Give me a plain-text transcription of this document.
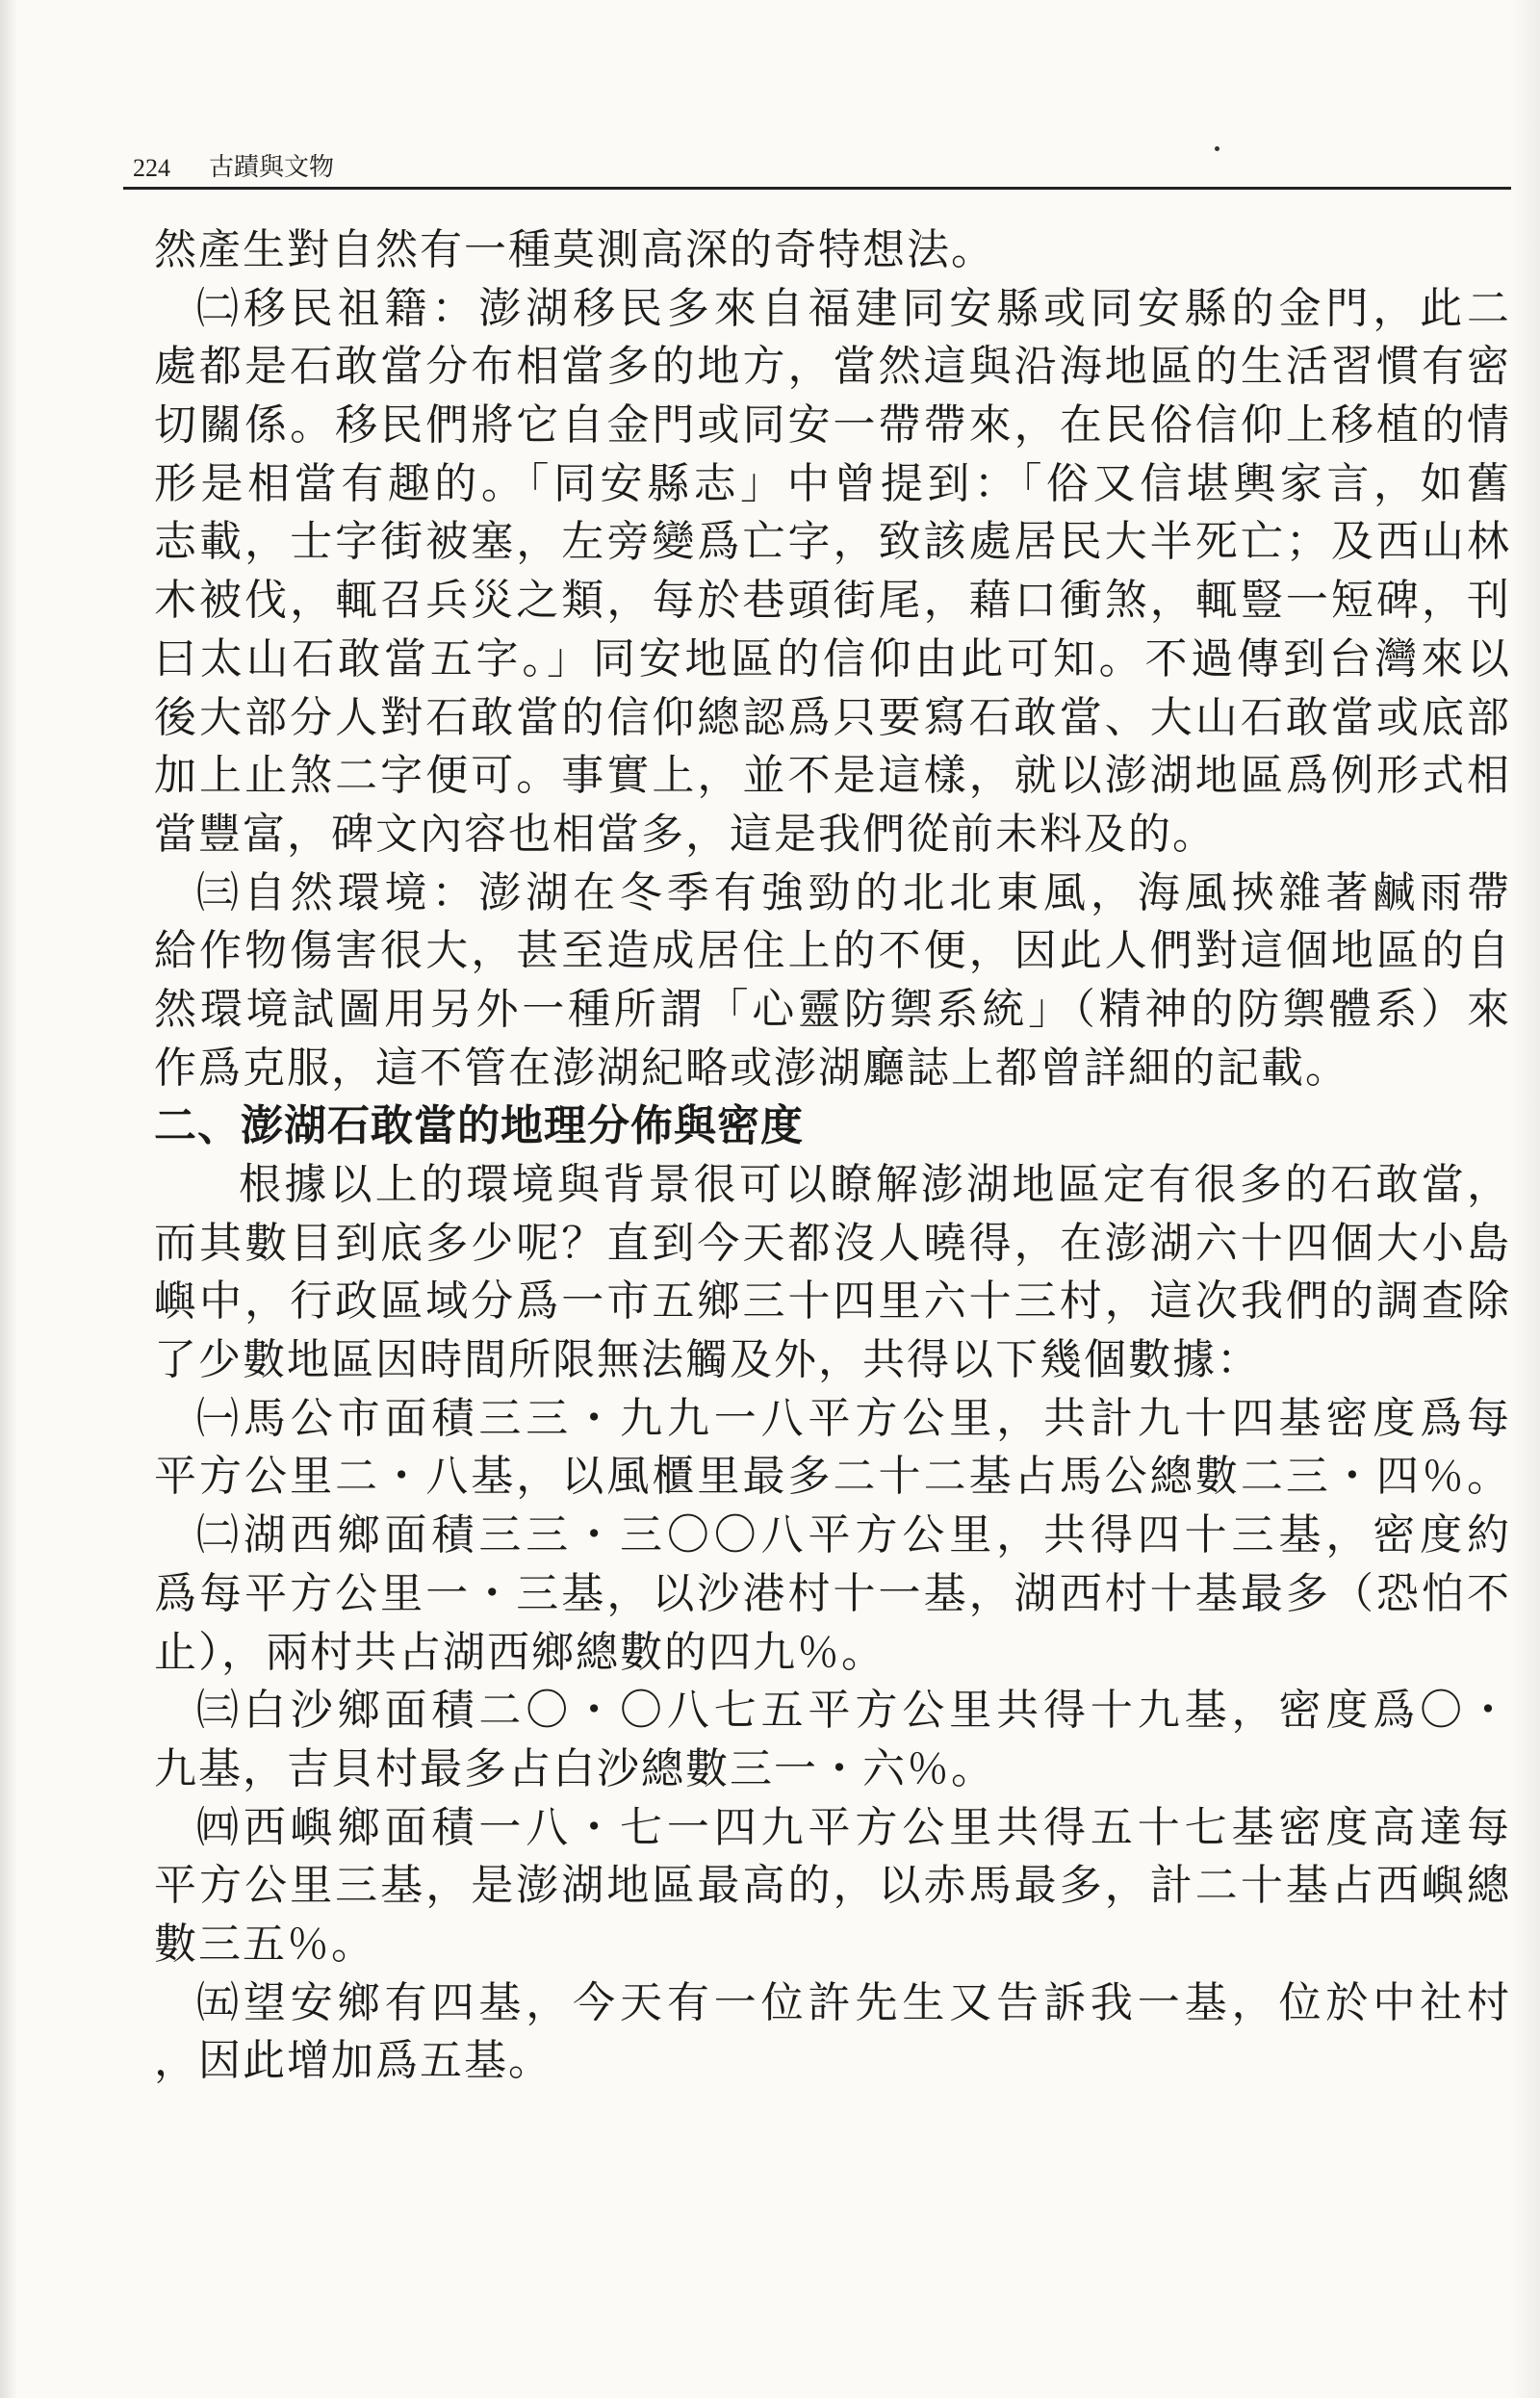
224 古蹟與文物
然產生對自然有一種莫測高深的奇特想法。
㈡移民祖籍：澎湖移民多來自福建同安縣或同安縣的金門，此二
處都是石敢當分布相當多的地方，當然這與沿海地區的生活習慣有密
切關係。移民們將它自金門或同安一帶帶來，在民俗信仰上移植的情
形是相當有趣的。「同安縣志」中曾提到：「俗又信堪輿家言，如舊
志載，士字街被塞，左旁變爲亡字，致該處居民大半死亡；及西山林
木被伐，輒召兵災之類，每於巷頭街尾，藉口衝煞，輒豎一短碑，刊
曰太山石敢當五字。」同安地區的信仰由此可知。不過傳到台灣來以
後大部分人對石敢當的信仰總認爲只要寫石敢當、大山石敢當或底部
加上止煞二字便可。事實上，並不是這樣，就以澎湖地區爲例形式相
當豐富，碑文內容也相當多，這是我們從前未料及的。
㈢自然環境：澎湖在冬季有強勁的北北東風，海風挾雜著鹹雨帶
給作物傷害很大，甚至造成居住上的不便，因此人們對這個地區的自
然環境試圖用另外一種所謂「心靈防禦系統」（精神的防禦體系）來
作爲克服，這不管在澎湖紀略或澎湖廳誌上都曾詳細的記載。
二、澎湖石敢當的地理分佈與密度
根據以上的環境與背景很可以瞭解澎湖地區定有很多的石敢當，
而其數目到底多少呢？直到今天都沒人曉得，在澎湖六十四個大小島
嶼中，行政區域分爲一市五鄉三十四里六十三村，這次我們的調查除
了少數地區因時間所限無法觸及外，共得以下幾個數據：
㈠馬公市面積三三・九九一八平方公里，共計九十四基密度爲每
平方公里二・八基，以風櫃里最多二十二基占馬公總數二三・四％。
㈡湖西鄉面積三三・三〇〇八平方公里，共得四十三基，密度約
爲每平方公里一・三基，以沙港村十一基，湖西村十基最多（恐怕不
止），兩村共占湖西鄉總數的四九％。
㈢白沙鄉面積二〇・〇八七五平方公里共得十九基，密度爲〇・
九基，吉貝村最多占白沙總數三一・六％。
㈣西嶼鄉面積一八・七一四九平方公里共得五十七基密度高達每
平方公里三基，是澎湖地區最高的，以赤馬最多，計二十基占西嶼總
數三五％。
㈤望安鄉有四基，今天有一位許先生又告訴我一基，位於中社村
，因此增加爲五基。
